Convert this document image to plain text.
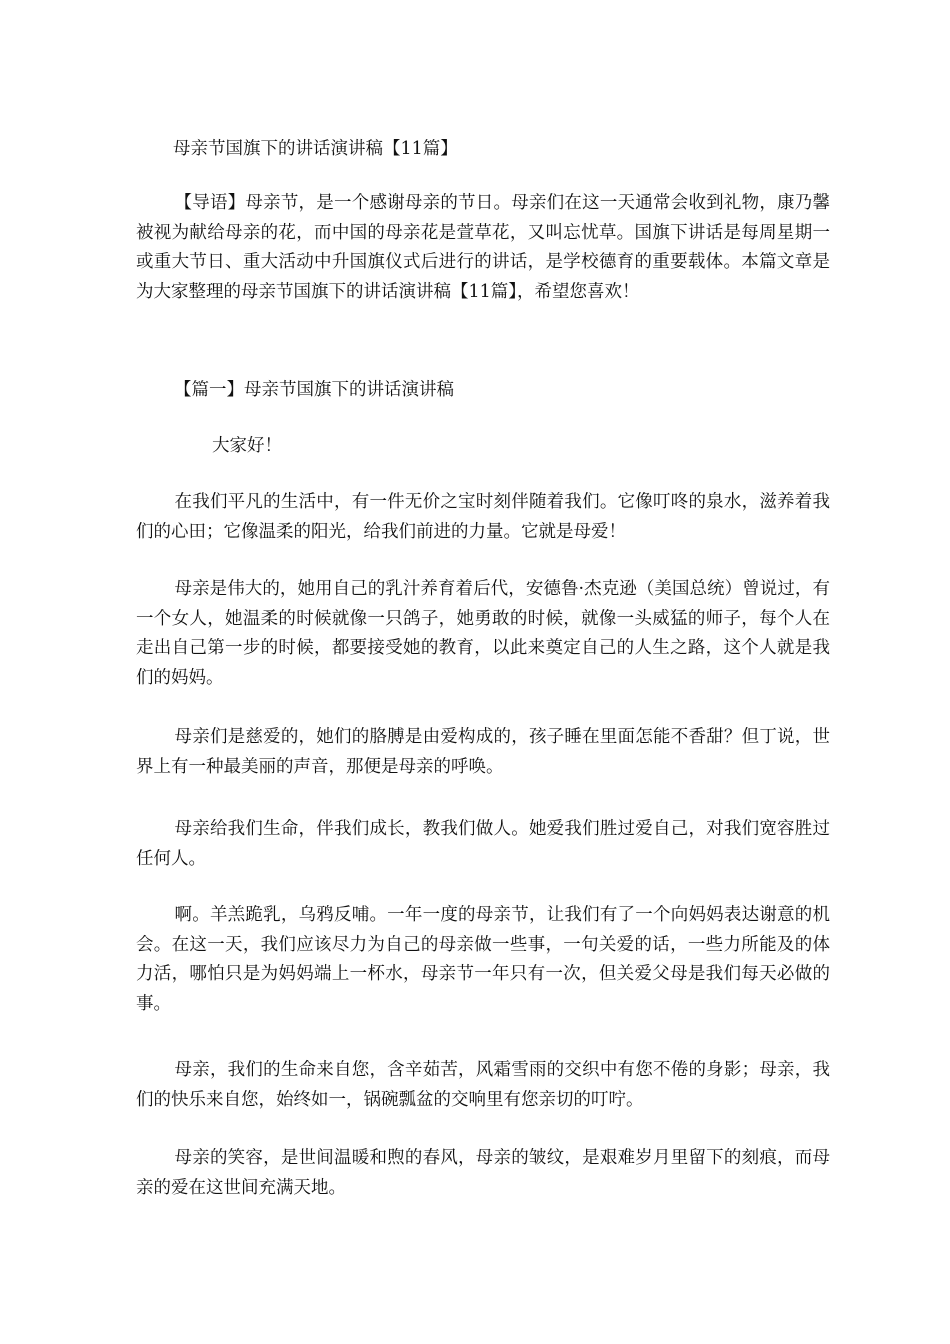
母亲节国旗下的讲话演讲稿【11篇】

【导语】母亲节，是一个感谢母亲的节日。母亲们在这一天通常会收到礼物，康乃馨被视为献给母亲的花，而中国的母亲花是萱草花，又叫忘忧草。国旗下讲话是每周星期一或重大节日、重大活动中升国旗仪式后进行的讲话，是学校德育的重要载体。本篇文章是为大家整理的母亲节国旗下的讲话演讲稿【11篇】，希望您喜欢！

【篇一】母亲节国旗下的讲话演讲稿

大家好！

在我们平凡的生活中，有一件无价之宝时刻伴随着我们。它像叮咚的泉水，滋养着我们的心田；它像温柔的阳光，给我们前进的力量。它就是母爱！

母亲是伟大的，她用自己的乳汁养育着后代，安德鲁·杰克逊（美国总统）曾说过，有一个女人，她温柔的时候就像一只鸽子，她勇敢的时候，就像一头威猛的师子，每个人在走出自己第一步的时候，都要接受她的教育，以此来奠定自己的人生之路，这个人就是我们的妈妈。

母亲们是慈爱的，她们的胳膊是由爱构成的，孩子睡在里面怎能不香甜？但丁说，世界上有一种最美丽的声音，那便是母亲的呼唤。

母亲给我们生命，伴我们成长，教我们做人。她爱我们胜过爱自己，对我们宽容胜过任何人。

啊。羊羔跪乳，乌鸦反哺。一年一度的母亲节，让我们有了一个向妈妈表达谢意的机会。在这一天，我们应该尽力为自己的母亲做一些事，一句关爱的话，一些力所能及的体力活，哪怕只是为妈妈端上一杯水，母亲节一年只有一次，但关爱父母是我们每天必做的事。

母亲，我们的生命来自您，含辛茹苦，风霜雪雨的交织中有您不倦的身影；母亲，我们的快乐来自您，始终如一，锅碗瓢盆的交响里有您亲切的叮咛。

母亲的笑容，是世间温暖和煦的春风，母亲的皱纹，是艰难岁月里留下的刻痕，而母亲的爱在这世间充满天地。
